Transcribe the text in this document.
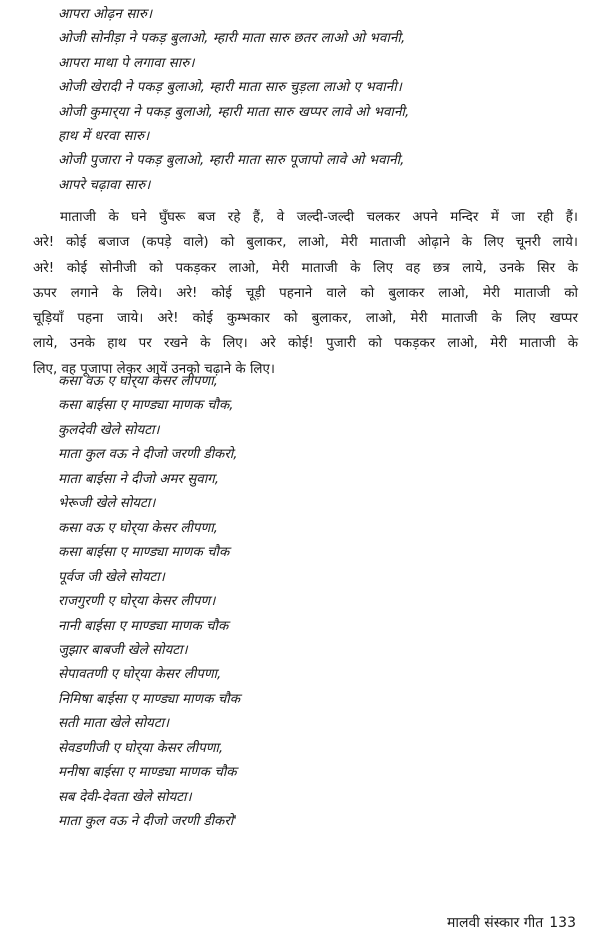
आपरा ओढ़न सारु।
ओजी सोनीड़ा ने पकड़ बुलाओ, म्हारी माता सारु छतर लाओ ओ भवानी,
आपरा माथा पे लगावा सारु।
ओजी खेरादी ने पकड़ बुलाओ, म्हारी माता सारु चुड़ला लाओ ए भवानी।
ओजी कुमार्‌या ने पकड़ बुलाओ, म्हारी माता सारु खप्पर लावे ओ भवानी,
हाथ में धरवा सारु।
ओजी पुजारा ने पकड़ बुलाओ, म्हारी माता सारु पूजापो लावे ओ भवानी,
आपरे चढ़ावा सारु।
माताजी के घने घुँघरू बज रहे हैं, वे जल्दी-जल्दी चलकर अपने मन्दिर में जा रही हैं।
अरे! कोई बजाज (कपड़े वाले) को बुलाकर, लाओ, मेरी माताजी ओढ़ाने के लिए चूनरी लाये।
अरे! कोई सोनीजी को पकड़कर लाओ, मेरी माताजी के लिए वह छत्र लाये, उनके सिर के
ऊपर लगाने के लिये। अरे! कोई चूड़ी पहनाने वाले को बुलाकर लाओ, मेरी माताजी को
चूड़ियाँ पहना जाये। अरे! कोई कुम्भकार को बुलाकर, लाओ, मेरी माताजी के लिए खप्पर
लाये, उनके हाथ पर रखने के लिए। अरे कोई! पुजारी को पकड़कर लाओ, मेरी माताजी के
लिए, वह पूजापा लेकर आयें उनको चढ़ाने के लिए।
कसा वऊ ए घोर्‌या केसर लीपणा,
कसा बाईसा ए माण्ड्या माणक चौक,
कुलदेवी खेले सोयटा।
माता कुल वऊ ने दीजो जरणी डीकरो,
माता बाईसा ने दीजो अमर सुवाग,
भेरूजी खेले सोयटा।
कसा वऊ ए घोर्‌या केसर लीपणा,
कसा बाईसा ए माण्ड्या माणक चौक
पूर्वज जी खेले सोयटा।
राजगुरणी ए घोर्‌या केसर लीपण।
नानी बाईसा ए माण्ड्या माणक चौक
जुझार बाबजी खेले सोयटा।
सेपावतणी ए घोर्‌या केसर लीपणा,
निमिषा बाईसा ए माण्ड्या माणक चौक
सती माता खेले सोयटा।
सेवडणीजी ए घोर्‌या केसर लीपणा,
मनीषा बाईसा ए माण्ड्या माणक चौक
सब देवी-देवता खेले सोयटा।
माता कुल वऊ ने दीजो जरणी डीकरो'
मालवी संस्कार गीत 133
